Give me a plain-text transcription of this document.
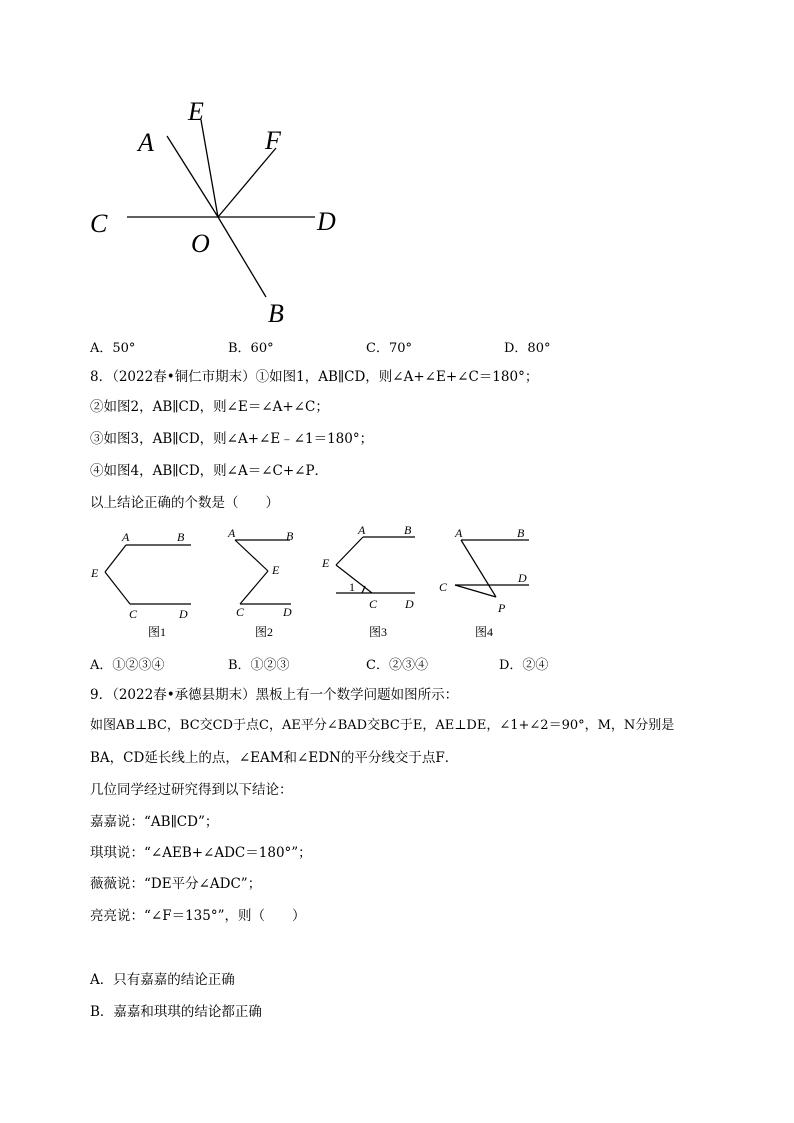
A
E
F
C
O
D
B
A．50°	B．60°	C．70°	D．80°
8．（2022春•铜仁市期末）①如图1，AB∥CD，则∠A+∠E+∠C＝180°；
②如图2，AB∥CD，则∠E＝∠A+∠C；
③如图3，AB∥CD，则∠A+∠E﹣∠1＝180°；
④如图4，AB∥CD，则∠A＝∠C+∠P．
以上结论正确的个数是（　　）
A	B
E
C	D
A	B
E
C	D
A	B
E
1
C D
A	B
C
D
P
图1	图2	图3	图4
A．①②③④	B．①②③	C．②③④	D．②④
9．（2022春•承德县期末）黑板上有一个数学问题如图所示：
如图AB⊥BC，BC交CD于点C，AE平分∠BAD交BC于E，AE⊥DE，∠1+∠2＝90°，M，N分别是
BA，CD延长线上的点，∠EAM和∠EDN的平分线交于点F．
几位同学经过研究得到以下结论：
嘉嘉说：“AB∥CD”；
琪琪说：“∠AEB+∠ADC＝180°”；
薇薇说：“DE平分∠ADC”；
亮亮说：“∠F＝135°”，则（　　）
A．只有嘉嘉的结论正确
B．嘉嘉和琪琪的结论都正确
